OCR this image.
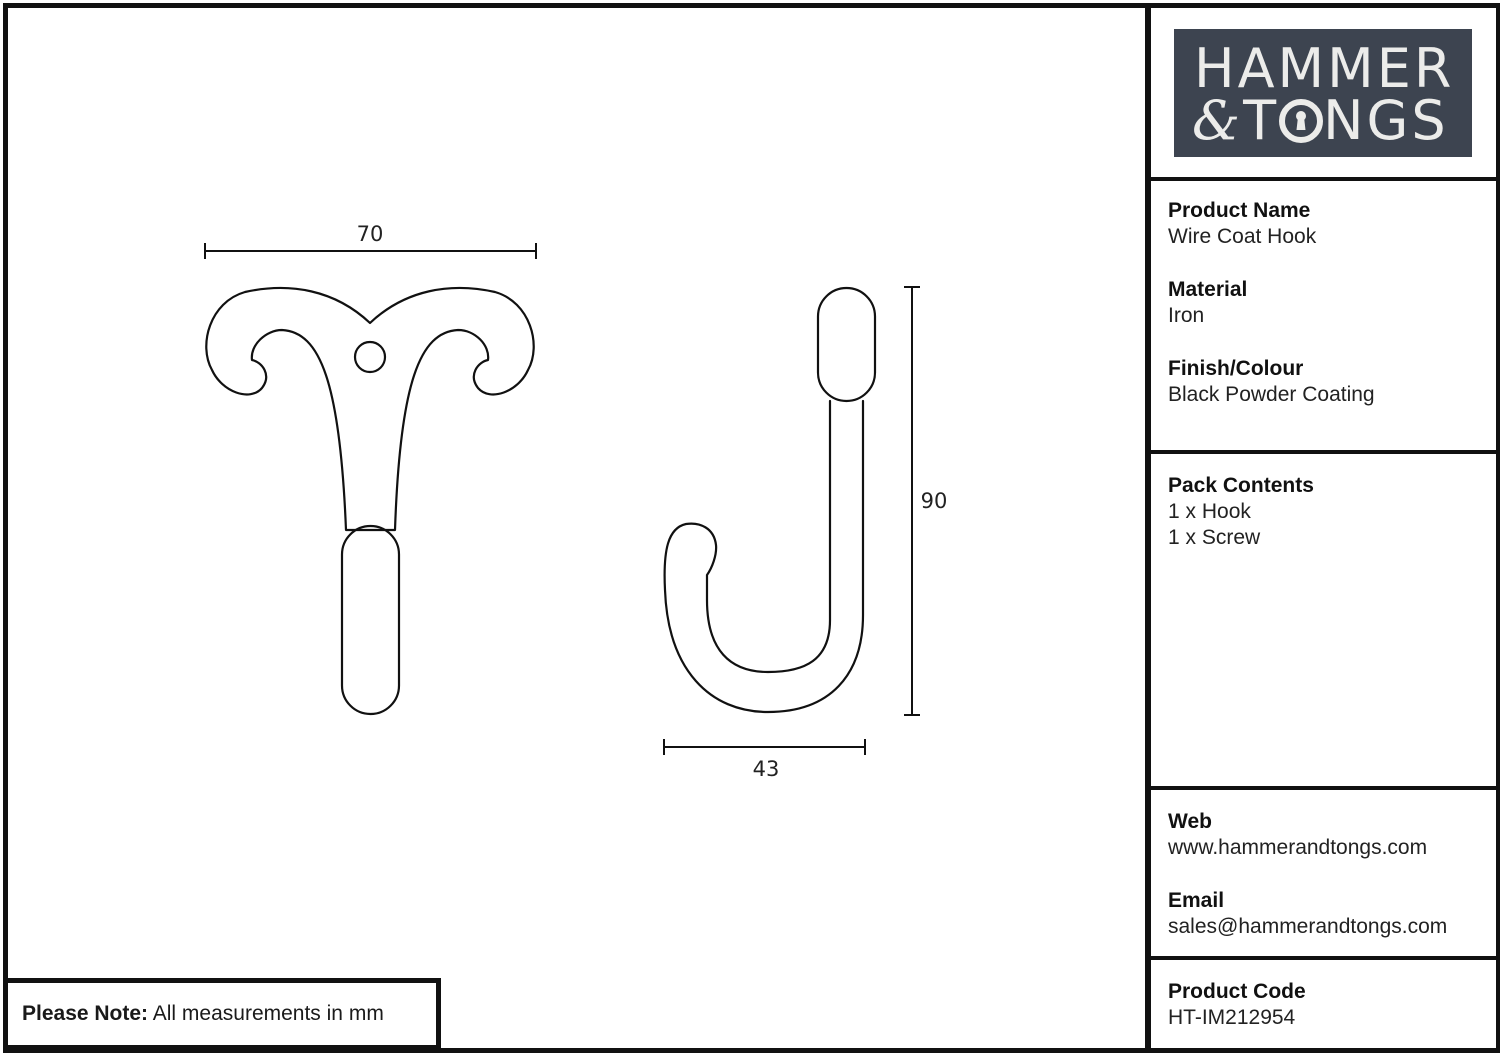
HAMMER
&T NGS
Product Name
Wire Coat Hook
Material
Iron
Finish/Colour
Black Powder Coating
Pack Contents
1 x Hook
1 x Screw
Web
www.hammerandtongs.com
Email
sales@hammerandtongs.com
Product Code
HT-IM212954
70
90
43
Please Note: All measurements in mm
